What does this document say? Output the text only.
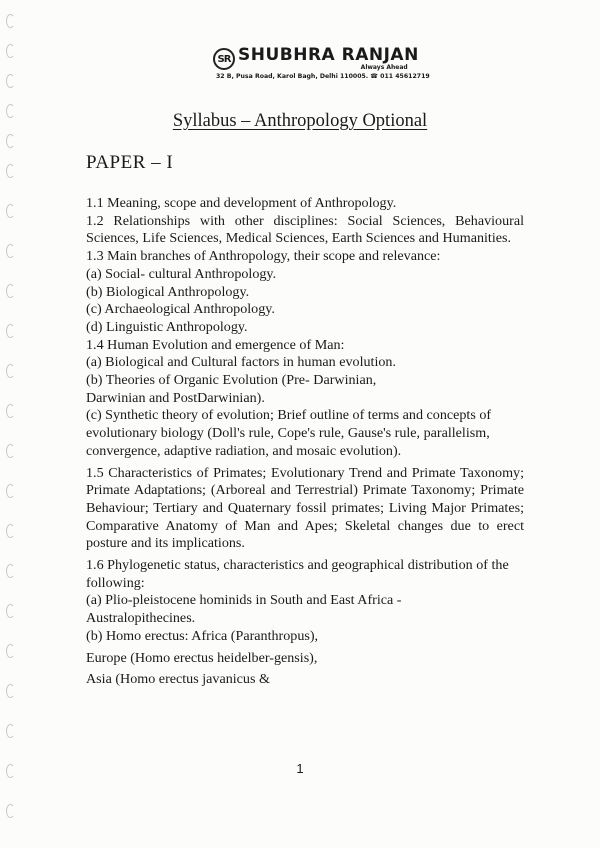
SR SHUBHRA RANJAN
Always Ahead
32 B, Pusa Road, Karol Bagh, Delhi 110005. ☎ 011 45612719
Syllabus – Anthropology Optional
PAPER – I
1.1 Meaning, scope and development of Anthropology.
1.2 Relationships with other disciplines: Social Sciences, Behavioural Sciences, Life Sciences, Medical Sciences, Earth Sciences and Humanities.
1.3 Main branches of Anthropology, their scope and relevance:
(a) Social- cultural Anthropology.
(b) Biological Anthropology.
(c) Archaeological Anthropology.
(d) Linguistic Anthropology.
1.4 Human Evolution and emergence of Man:
(a) Biological and Cultural factors in human evolution.
(b) Theories of Organic Evolution (Pre- Darwinian, Darwinian and PostDarwinian).
(c) Synthetic theory of evolution; Brief outline of terms and concepts of evolutionary biology (Doll's rule, Cope's rule, Gause's rule, parallelism, convergence, adaptive radiation, and mosaic evolution).
1.5 Characteristics of Primates; Evolutionary Trend and Primate Taxonomy; Primate Adaptations; (Arboreal and Terrestrial) Primate Taxonomy; Primate Behaviour; Tertiary and Quaternary fossil primates; Living Major Primates; Comparative Anatomy of Man and Apes; Skeletal changes due to erect posture and its implications.
1.6 Phylogenetic status, characteristics and geographical distribution of the following:
(a) Plio-pleistocene hominids in South and East Africa - Australopithecines.
(b) Homo erectus: Africa (Paranthropus),
Europe (Homo erectus heidelber-gensis),
Asia (Homo erectus javanicus &
1
